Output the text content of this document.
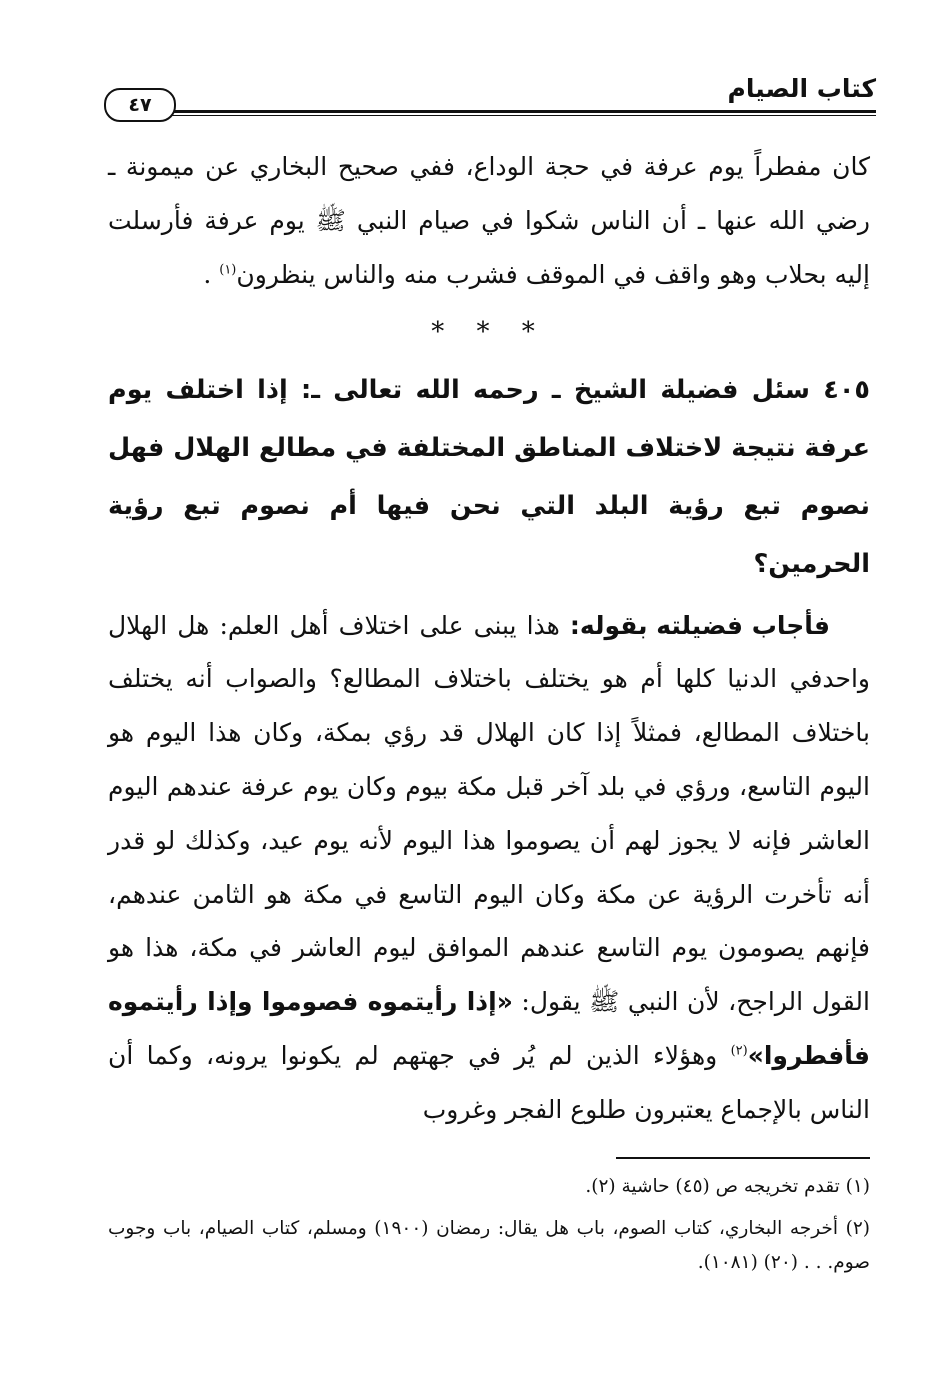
كتاب الصيام
٤٧

كان مفطراً يوم عرفة في حجة الوداع، ففي صحيح البخاري عن ميمونة ـ رضي الله عنها ـ أن الناس شكوا في صيام النبي ﷺ يوم عرفة فأرسلت إليه بحلاب وهو واقف في الموقف فشرب منه والناس ينظرون$^{(١)}$ .

* * *

٤٠٥ سئل فضيلة الشيخ ـ رحمه الله تعالى ـ: إذا اختلف يوم عرفة نتيجة لاختلاف المناطق المختلفة في مطالع الهلال فهل نصوم تبع رؤية البلد التي نحن فيها أم نصوم تبع رؤية الحرمين؟

فأجاب فضيلته بقوله: هذا يبنى على اختلاف أهل العلم: هل الهلال واحدفي الدنيا كلها أم هو يختلف باختلاف المطالع؟ والصواب أنه يختلف باختلاف المطالع، فمثلاً إذا كان الهلال قد رؤي بمكة، وكان هذا اليوم هو اليوم التاسع، ورؤي في بلد آخر قبل مكة بيوم وكان يوم عرفة عندهم اليوم العاشر فإنه لا يجوز لهم أن يصوموا هذا اليوم لأنه يوم عيد، وكذلك لو قدر أنه تأخرت الرؤية عن مكة وكان اليوم التاسع في مكة هو الثامن عندهم، فإنهم يصومون يوم التاسع عندهم الموافق ليوم العاشر في مكة، هذا هو القول الراجح، لأن النبي ﷺ يقول: «إذا رأيتموه فصوموا وإذا رأيتموه فأفطروا»$^{(٢)}$ وهؤلاء الذين لم يُر في جهتهم لم يكونوا يرونه، وكما أن الناس بالإجماع يعتبرون طلوع الفجر وغروب

(١) تقدم تخريجه ص (٤٥) حاشية (٢).

(٢) أخرجه البخاري، كتاب الصوم، باب هل يقال: رمضان (١٩٠٠) ومسلم، كتاب الصيام، باب وجوب صوم. . . (٢٠) (١٠٨١).
